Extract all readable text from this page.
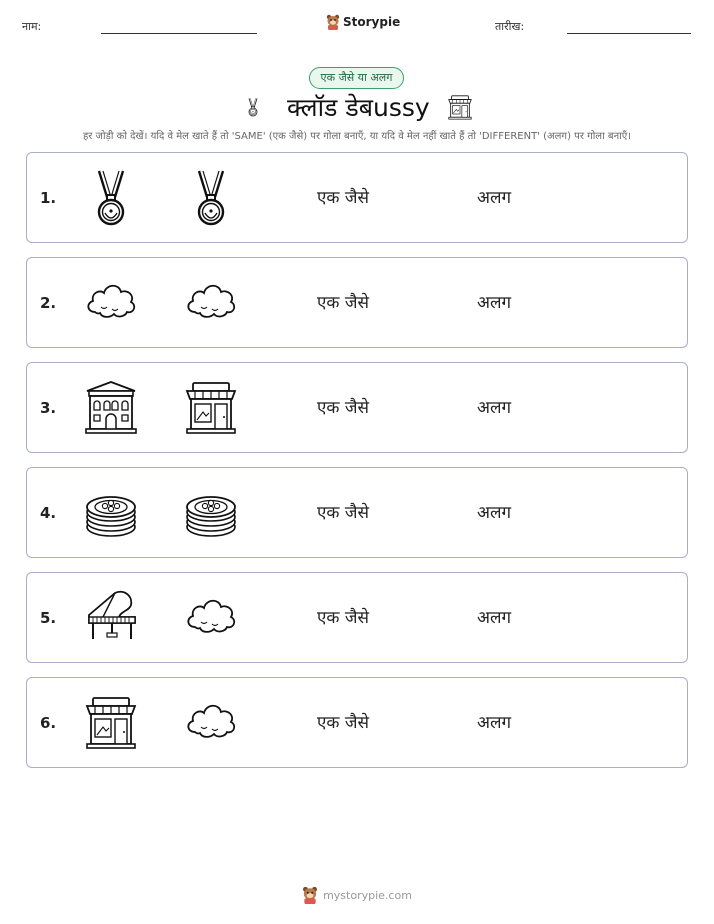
नाम:	Storypie	तारीख:
एक जैसे या अलग
क्लॉड डेबussy
हर जोड़ी को देखें। यदि वे मेल खाते हैं तो 'SAME' (एक जैसे) पर गोला बनाएँ, या यदि वे मेल नहीं खाते हैं तो 'DIFFERENT' (अलग) पर गोला बनाएँ।
1.	एक जैसे	अलग
2.	एक जैसे	अलग
3.	एक जैसे	अलग
4.	एक जैसे	अलग
5.	एक जैसे	अलग
6.	एक जैसे	अलग
mystorypie.com
